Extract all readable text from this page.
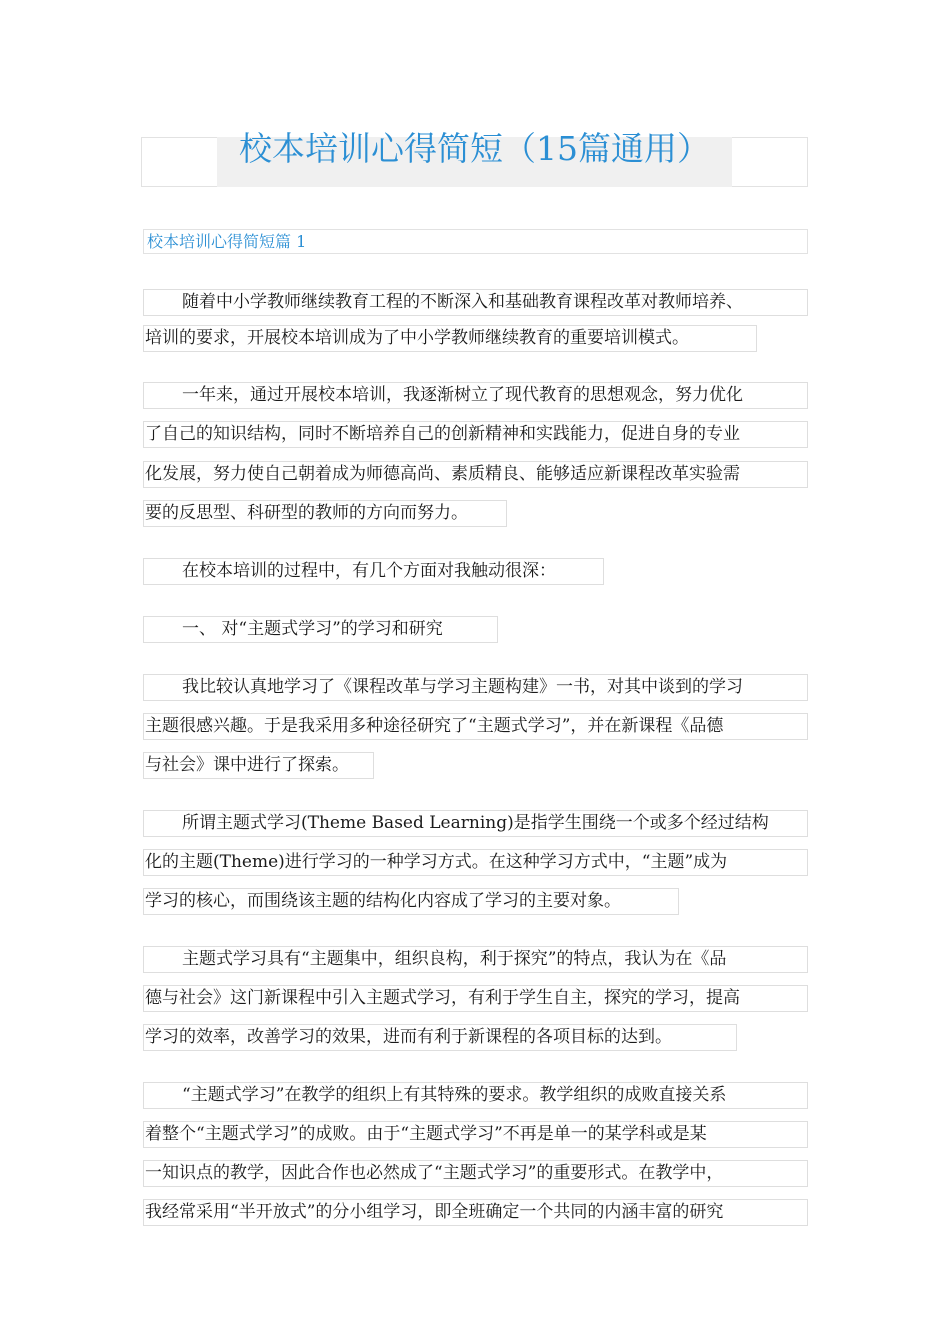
校本培训心得简短（15篇通用）
校本培训心得简短篇 1
随着中小学教师继续教育工程的不断深入和基础教育课程改革对教师培养、
培训的要求，开展校本培训成为了中小学教师继续教育的重要培训模式。
一年来，通过开展校本培训，我逐渐树立了现代教育的思想观念，努力优化
了自己的知识结构，同时不断培养自己的创新精神和实践能力，促进自身的专业
化发展，努力使自己朝着成为师德高尚、素质精良、能够适应新课程改革实验需
要的反思型、科研型的教师的方向而努力。
在校本培训的过程中，有几个方面对我触动很深：
一、 对“主题式学习”的学习和研究
我比较认真地学习了《课程改革与学习主题构建》一书，对其中谈到的学习
主题很感兴趣。于是我采用多种途径研究了“主题式学习”，并在新课程《品德
与社会》课中进行了探索。
所谓主题式学习(Theme Based Learning)是指学生围绕一个或多个经过结构
化的主题(Theme)进行学习的一种学习方式。在这种学习方式中，“主题”成为
学习的核心，而围绕该主题的结构化内容成了学习的主要对象。
主题式学习具有“主题集中，组织良构，利于探究”的特点，我认为在《品
德与社会》这门新课程中引入主题式学习，有利于学生自主，探究的学习，提高
学习的效率，改善学习的效果，进而有利于新课程的各项目标的达到。
“主题式学习”在教学的组织上有其特殊的要求。教学组织的成败直接关系
着整个“主题式学习”的成败。由于“主题式学习”不再是单一的某学科或是某
一知识点的教学，因此合作也必然成了“主题式学习”的重要形式。在教学中，
我经常采用“半开放式”的分小组学习，即全班确定一个共同的内涵丰富的研究
